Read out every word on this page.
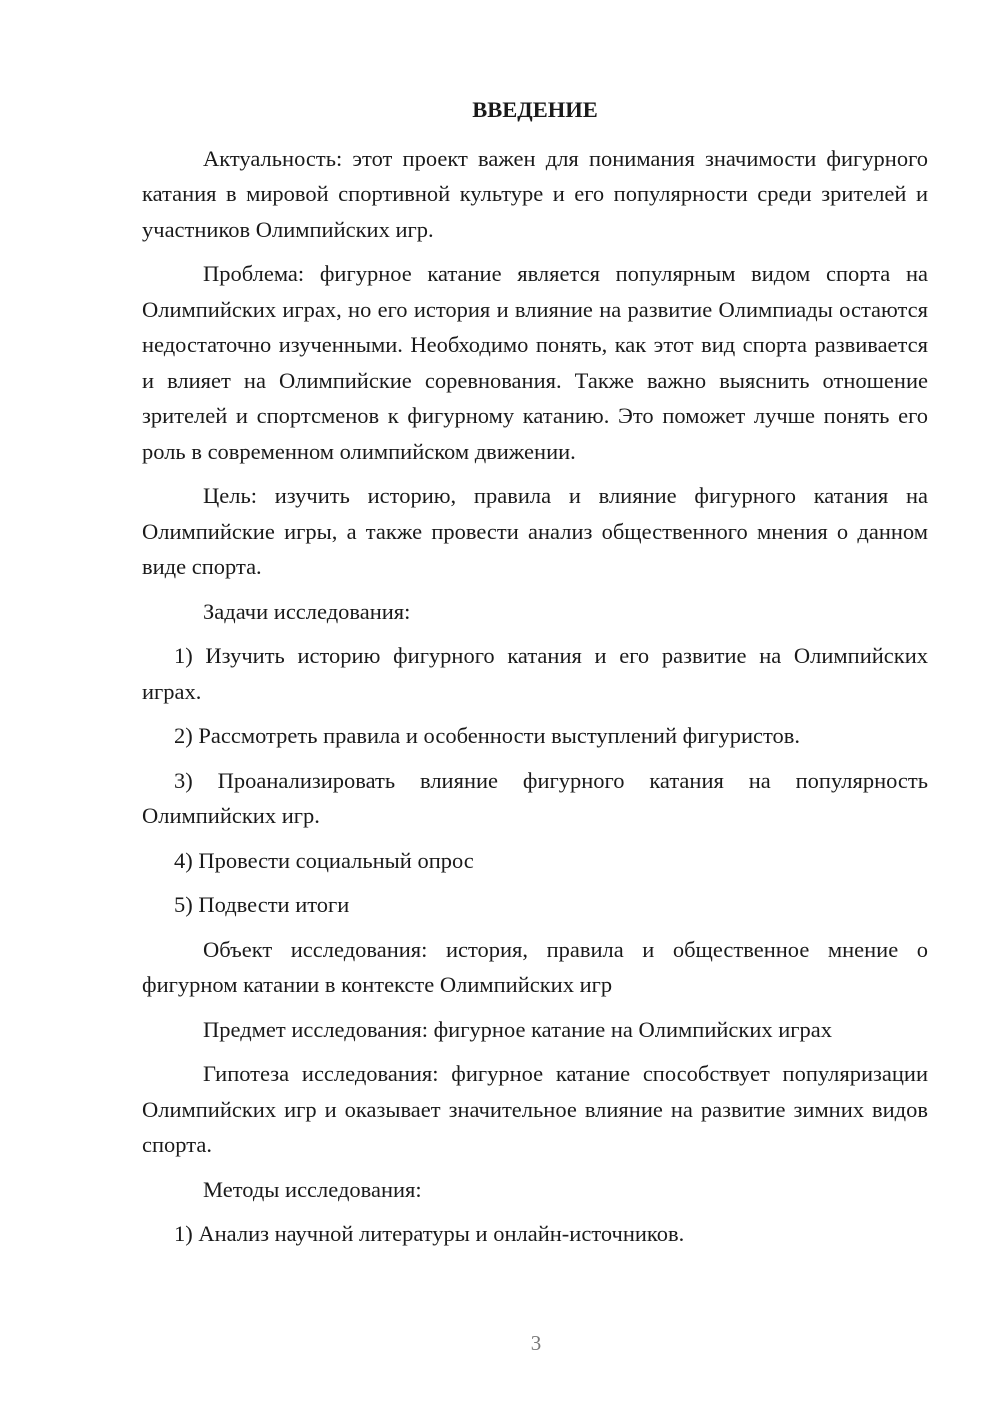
ВВЕДЕНИЕ

Актуальность: этот проект важен для понимания значимости фигурного катания в мировой спортивной культуре и его популярности среди зрителей и участников Олимпийских игр.

Проблема: фигурное катание является популярным видом спорта на Олимпийских играх, но его история и влияние на развитие Олимпиады остаются недостаточно изученными. Необходимо понять, как этот вид спорта развивается и влияет на Олимпийские соревнования. Также важно выяснить отношение зрителей и спортсменов к фигурному катанию. Это поможет лучше понять его роль в современном олимпийском движении.

Цель: изучить историю, правила и влияние фигурного катания на Олимпийские игры, а также провести анализ общественного мнения о данном виде спорта.

Задачи исследования:

1) Изучить историю фигурного катания и его развитие на Олимпийских играх.

2) Рассмотреть правила и особенности выступлений фигуристов.

3) Проанализировать влияние фигурного катания на популярность Олимпийских игр.

4) Провести социальный опрос

5) Подвести итоги

Объект исследования: история, правила и общественное мнение о фигурном катании в контексте Олимпийских игр

Предмет исследования: фигурное катание на Олимпийских играх

Гипотеза исследования: фигурное катание способствует популяризации Олимпийских игр и оказывает значительное влияние на развитие зимних видов спорта.

Методы исследования:

1) Анализ научной литературы и онлайн-источников.

3
